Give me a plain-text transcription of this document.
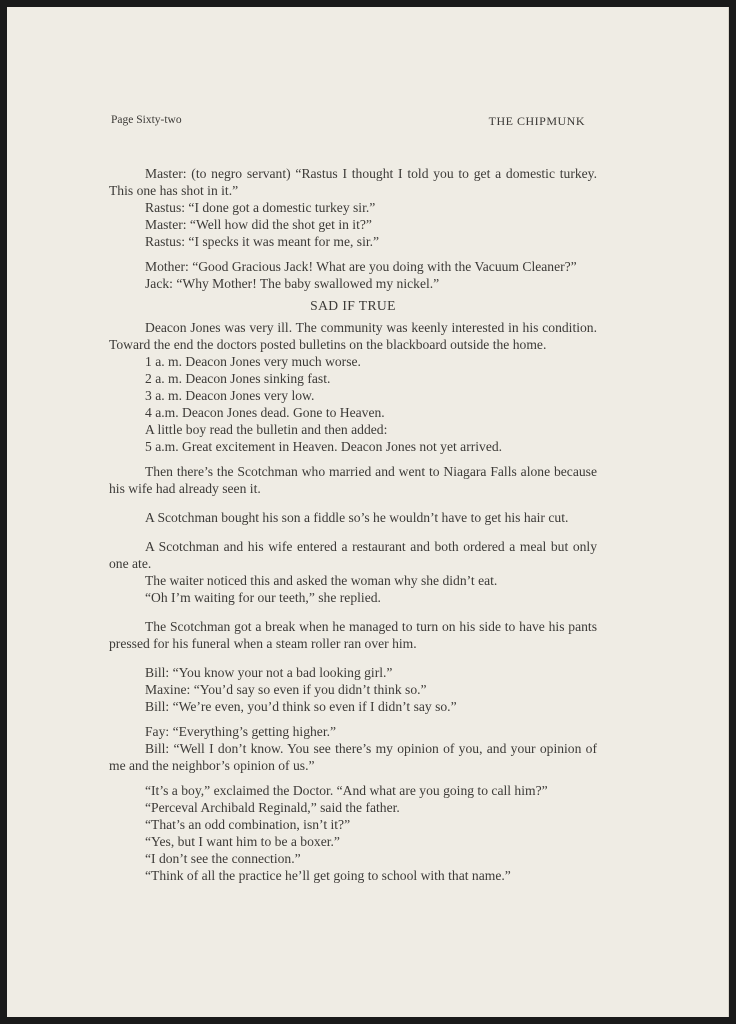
Page Sixty-two	THE CHIPMUNK

Master: (to negro servant) “Rastus I thought I told you to get a domestic turkey. This one has shot in it.”

Rastus: “I done got a domestic turkey sir.”

Master: “Well how did the shot get in it?”

Rastus: “I specks it was meant for me, sir.”

Mother: “Good Gracious Jack! What are you doing with the Vacuum Cleaner?”

Jack: “Why Mother! The baby swallowed my nickel.”

SAD IF TRUE

Deacon Jones was very ill. The community was keenly interested in his condition. Toward the end the doctors posted bulletins on the blackboard outside the home.

1 a. m. Deacon Jones very much worse.

2 a. m. Deacon Jones sinking fast.

3 a. m. Deacon Jones very low.

4 a.m. Deacon Jones dead. Gone to Heaven.

A little boy read the bulletin and then added:

5 a.m. Great excitement in Heaven. Deacon Jones not yet arrived.

Then there’s the Scotchman who married and went to Niagara Falls alone because his wife had already seen it.

A Scotchman bought his son a fiddle so’s he wouldn’t have to get his hair cut.

A Scotchman and his wife entered a restaurant and both ordered a meal but only one ate.

The waiter noticed this and asked the woman why she didn’t eat.

“Oh I’m waiting for our teeth,” she replied.

The Scotchman got a break when he managed to turn on his side to have his pants pressed for his funeral when a steam roller ran over him.

Bill: “You know your not a bad looking girl.”

Maxine: “You’d say so even if you didn’t think so.”

Bill: “We’re even, you’d think so even if I didn’t say so.”

Fay: “Everything’s getting higher.”

Bill: “Well I don’t know. You see there’s my opinion of you, and your opinion of me and the neighbor’s opinion of us.”

“It’s a boy,” exclaimed the Doctor. “And what are you going to call him?”

“Perceval Archibald Reginald,” said the father.

“That’s an odd combination, isn’t it?”

“Yes, but I want him to be a boxer.”

“I don’t see the connection.”

“Think of all the practice he’ll get going to school with that name.”
